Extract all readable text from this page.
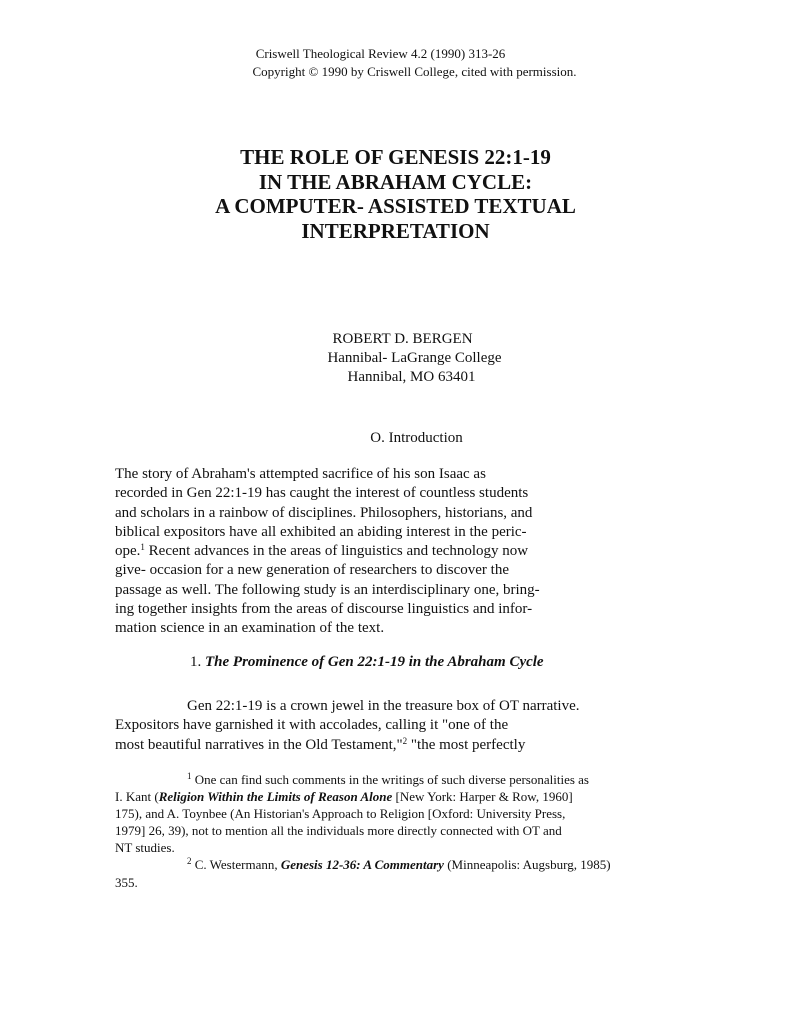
Criswell Theological Review 4.2 (1990) 313-26
Copyright © 1990 by Criswell College, cited with permission.
THE ROLE OF GENESIS 22:1-19
IN THE ABRAHAM CYCLE:
A COMPUTER- ASSISTED TEXTUAL
INTERPRETATION
ROBERT D. BERGEN
Hannibal- LaGrange College
Hannibal, MO 63401
O. Introduction
The story of Abraham's attempted sacrifice of his son Isaac as
recorded in Gen 22:1-19 has caught the interest of countless students
and scholars in a rainbow of disciplines. Philosophers, historians, and
biblical expositors have all exhibited an abiding interest in the peric-
ope.$^1$ Recent advances in the areas of linguistics and technology now
give- occasion for a new generation of researchers to discover the
passage as well. The following study is an interdisciplinary one, bring-
ing together insights from the areas of discourse linguistics and infor-
mation science in an examination of the text.
1. The Prominence of Gen 22:1-19 in the Abraham Cycle
Gen 22:1-19 is a crown jewel in the treasure box of OT narrative.
Expositors have garnished it with accolades, calling it "one of the
most beautiful narratives in the Old Testament,"$^2$ "the most perfectly
$^1$ One can find such comments in the writings of such diverse personalities as
I. Kant (Religion Within the Limits of Reason Alone [New York: Harper & Row, 1960]
175), and A. Toynbee (An Historian's Approach to Religion [Oxford: University Press,
1979] 26, 39), not to mention all the individuals more directly connected with OT and
NT studies.
$^2$ C. Westermann, Genesis 12-36: A Commentary (Minneapolis: Augsburg, 1985)
355.
